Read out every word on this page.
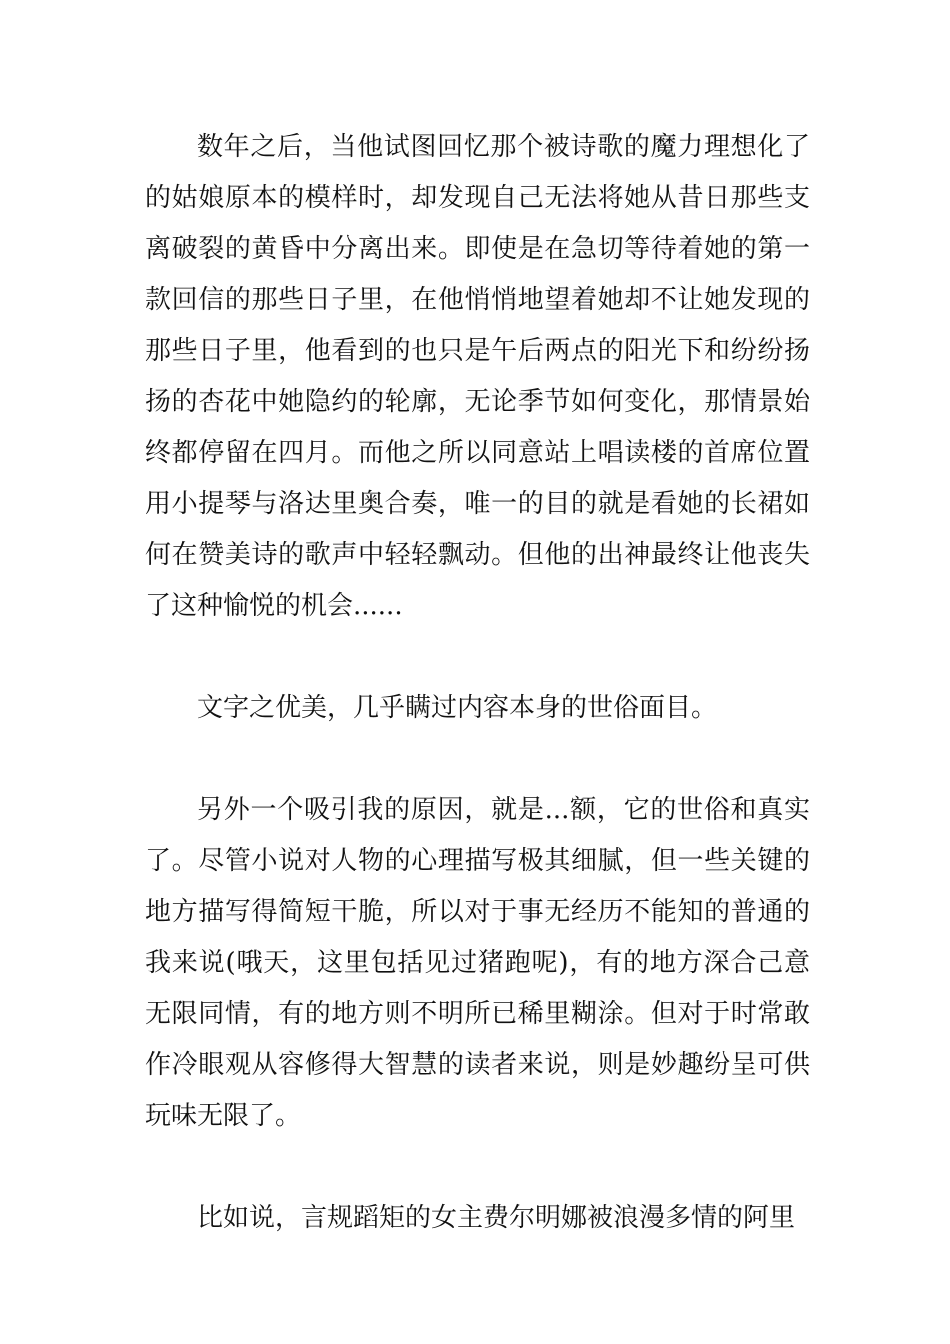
数年之后，当他试图回忆那个被诗歌的魔力理想化了的姑娘原本的模样时，却发现自己无法将她从昔日那些支离破裂的黄昏中分离出来。即使是在急切等待着她的第一款回信的那些日子里，在他悄悄地望着她却不让她发现的那些日子里，他看到的也只是午后两点的阳光下和纷纷扬扬的杏花中她隐约的轮廓，无论季节如何变化，那情景始终都停留在四月。而他之所以同意站上唱读楼的首席位置用小提琴与洛达里奥合奏，唯一的目的就是看她的长裙如何在赞美诗的歌声中轻轻飘动。但他的出神最终让他丧失了这种愉悦的机会......

文字之优美，几乎瞒过内容本身的世俗面目。

另外一个吸引我的原因，就是...额，它的世俗和真实了。尽管小说对人物的心理描写极其细腻，但一些关键的地方描写得简短干脆，所以对于事无经历不能知的普通的我来说(哦天，这里包括见过猪跑呢)，有的地方深合己意无限同情，有的地方则不明所已稀里糊涂。但对于时常敢作冷眼观从容修得大智慧的读者来说，则是妙趣纷呈可供玩味无限了。

比如说，言规蹈矩的女主费尔明娜被浪漫多情的阿里
